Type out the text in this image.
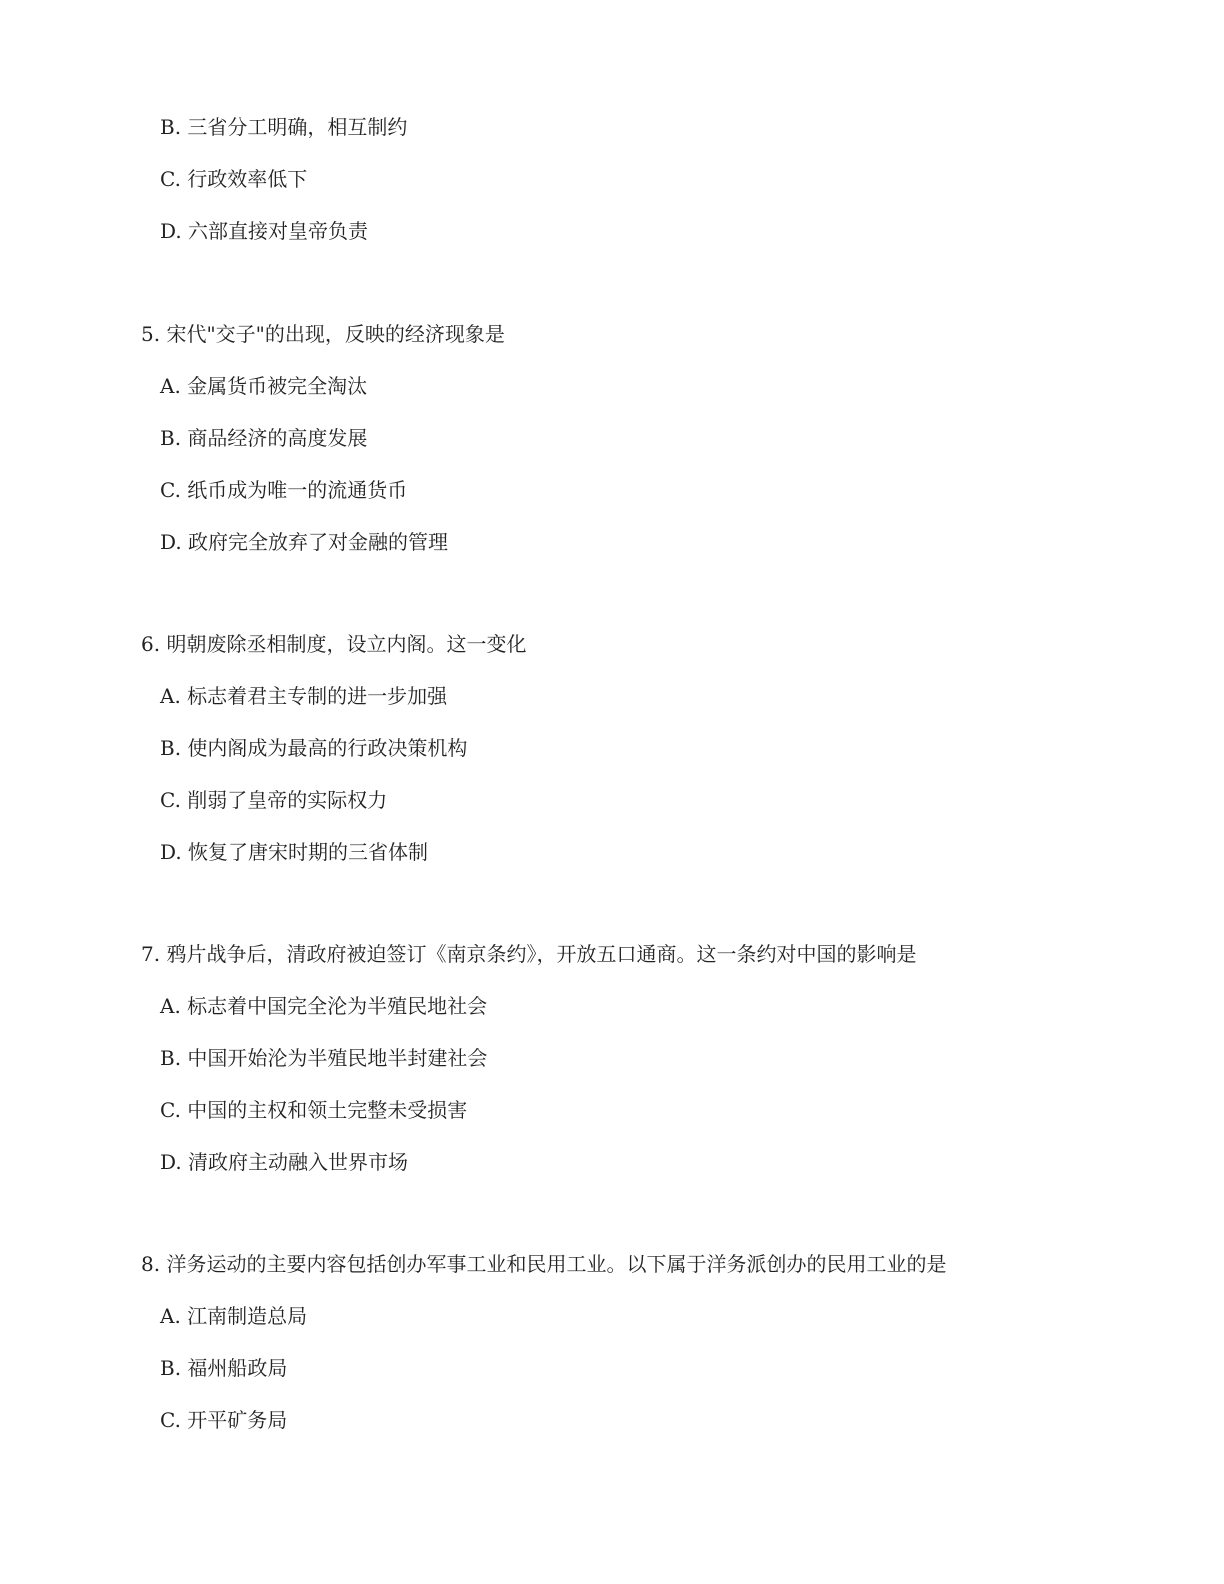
B. 三省分工明确，相互制约
C. 行政效率低下
D. 六部直接对皇帝负责
5. 宋代"交子"的出现，反映的经济现象是
A. 金属货币被完全淘汰
B. 商品经济的高度发展
C. 纸币成为唯一的流通货币
D. 政府完全放弃了对金融的管理
6. 明朝废除丞相制度，设立内阁。这一变化
A. 标志着君主专制的进一步加强
B. 使内阁成为最高的行政决策机构
C. 削弱了皇帝的实际权力
D. 恢复了唐宋时期的三省体制
7. 鸦片战争后，清政府被迫签订《南京条约》，开放五口通商。这一条约对中国的影响是
A. 标志着中国完全沦为半殖民地社会
B. 中国开始沦为半殖民地半封建社会
C. 中国的主权和领土完整未受损害
D. 清政府主动融入世界市场
8. 洋务运动的主要内容包括创办军事工业和民用工业。以下属于洋务派创办的民用工业的是
A. 江南制造总局
B. 福州船政局
C. 开平矿务局
